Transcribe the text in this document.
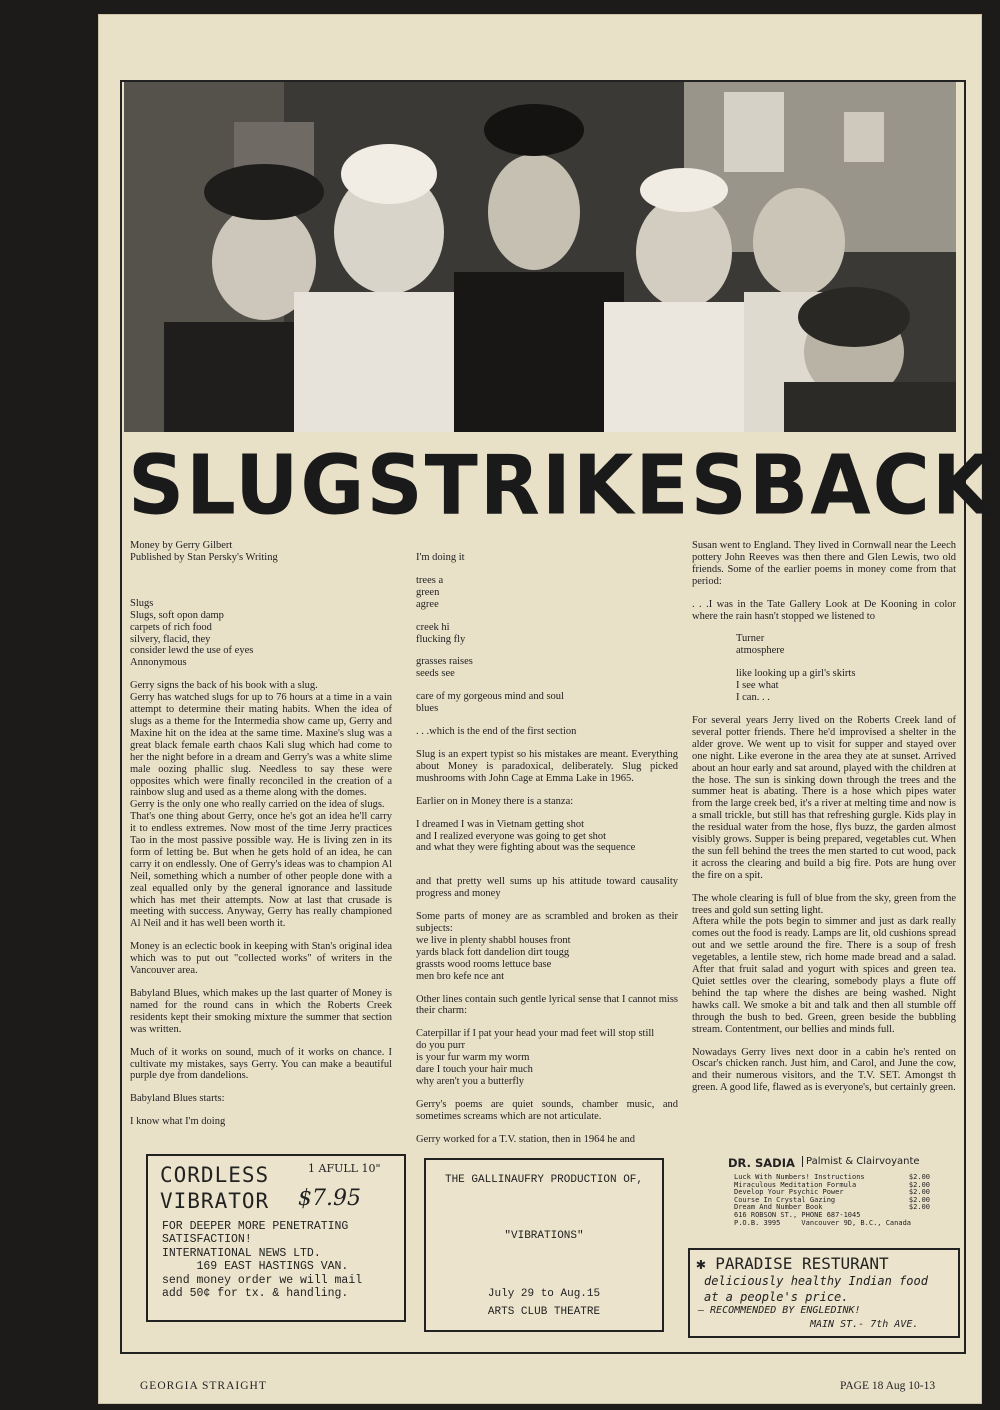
SLUG STRIKES BACK
Money by Gerry Gilbert

Published by Stan Persky's Writing

Slugs
Slugs, soft opon damp
carpets of rich food
silvery, flacid, they
consider lewd the use of eyes

Annonymous

Gerry signs the back of his book with a slug.
Gerry has watched slugs for up to 76 hours at a time in a vain attempt to determine their mating habits. When the idea of slugs as a theme for the Intermedia show came up, Gerry and Maxine hit on the idea at the same time. Maxine's slug was a great black female earth chaos Kali slug which had come to her the night before in a dream and Gerry's was a white slime male oozing phallic slug. Needless to say these were opposites which were finally reconciled in the creation of a rainbow slug and used as a theme along with the domes.
Gerry is the only one who really carried on the idea of slugs.

That's one thing about Gerry, once he's got an idea he'll carry it to endless extremes. Now most of the time Jerry practices Tao in the most passive possible way. He is living zen in its form of letting be. But when he gets hold of an idea, he can carry it on endlessly. One of Gerry's ideas was to champion Al Neil, something which a number of other people done with a zeal equalled only by the general ignorance and lassitude which has met their attempts. Now at last that crusade is meeting with success. Anyway, Gerry has really championed Al Neil and it has well been worth it.

Money is an eclectic book in keeping with Stan's original idea which was to put out "collected works" of writers in the Vancouver area.

Babyland Blues, which makes up the last quarter of Money is named for the round cans in which the Roberts Creek residents kept their smoking mixture the summer that section was written.

Much of it works on sound, much of it works on chance. I cultivate my mistakes, says Gerry. You can make a beautiful purple dye from dandelions.

Babyland Blues starts:

I know what I'm doing

I'm doing it

trees a
green

agree

creek hi

flucking fly

grasses raises

seeds see

care of my gorgeous mind and soul

blues

. . .which is the end of the first section

Slug is an expert typist so his mistakes are meant. Everything about Money is paradoxical, deliberately. Slug picked mushrooms with John Cage at Emma Lake in 1965.

Earlier on in Money there is a stanza:

I dreamed I was in Vietnam getting shot
and I realized everyone was going to get shot

and what they were fighting about was the sequence

and that pretty well sums up his attitude toward causality progress and money

Some parts of money are as scrambled and broken as their subjects:

we live in plenty shabbl houses front
yards black fott dandelion dirt tougg
grassts wood rooms lettuce base

men bro kefe nce ant

Other lines contain such gentle lyrical sense that I cannot miss their charm:

Caterpillar if I pat your head your mad feet will stop still
do you purr
is your fur warm my worm
dare I touch your hair much

why aren't you a butterfly

Gerry's poems are quiet sounds, chamber music, and sometimes screams which are not articulate.

Gerry worked for a T.V. station, then in 1964 he and

Susan went to England. They lived in Cornwall near the Leech pottery John Reeves was then there and Glen Lewis, two old friends. Some of the earlier poems in money come from that period:

. . .I was in the Tate Gallery Look at De Kooning in color where the rain hasn't stopped we listened to

Turner

atmosphere

like looking up a girl's skirts
I see what

I can. . .

For several years Jerry lived on the Roberts Creek land of several potter friends. There he'd improvised a shelter in the alder grove. We went up to visit for supper and stayed over one night. Like everone in the area they ate at sunset. Arrived about an hour early and sat around, played with the children at the hose. The sun is sinking down through the trees and the summer heat is abating. There is a hose which pipes water from the large creek bed, it's a river at melting time and now is a small trickle, but still has that refreshing gurgle. Kids play in the residual water from the hose, flys buzz, the garden almost visibly grows. Supper is being prepared, vegetables cut. When the sun fell behind the trees the men started to cut wood, pack it across the clearing and build a big fire. Pots are hung over the fire on a spit.

The whole clearing is full of blue from the sky, green from the trees and gold sun setting light.

Aftera while the pots begin to simmer and just as dark really comes out the food is ready. Lamps are lit, old cushions spread out and we settle around the fire. There is a soup of fresh vegetables, a lentile stew, rich home made bread and a salad. After that fruit salad and yogurt with spices and green tea. Quiet settles over the clearing, somebody plays a flute off behind the tap where the dishes are being washed. Night hawks call. We smoke a bit and talk and then all stumble off through the bush to bed. Green, green beside the bubbling stream. Contentment, our bellies and minds full.

Nowadays Gerry lives next door in a cabin he's rented on Oscar's chicken ranch. Just him, and Carol, and June the cow, and their numerous visitors, and the T.V. SET. Amongst th green. A good life, flawed as is everyone's, but certainly green.

CORDLESS	1 AFULL 10"
VIBRATOR $7.95
FOR DEEPER MORE PENETRATING
SATISFACTION!
INTERNATIONAL NEWS LTD.
169 EAST HASTINGS VAN.
send money order we will mail
add 50¢ for tx. & handling.
THE GALLINAUFRY PRODUCTION OF,
"VIBRATIONS"
July 29 to Aug.15
ARTS CLUB THEATRE
DR. SADIA	Palmist & Clairvoyante
Luck With Numbers! Instructions	$2.00
Miraculous Meditation Formula	$2.00
Develop Your Psychic Power	$2.00
Course In Crystal Gazing	$2.00
Dream And Number Book	$2.00
616 ROBSON ST., PHONE 687-1045
P.O.B. 3995     Vancouver 9D, B.C., Canada
✱ PARADISE RESTURANT
deliciously healthy Indian food
at a people's price.
— RECOMMENDED BY ENGLEDINK!
MAIN ST.- 7th AVE.
GEORGIA STRAIGHT	PAGE 18 Aug 10-13
